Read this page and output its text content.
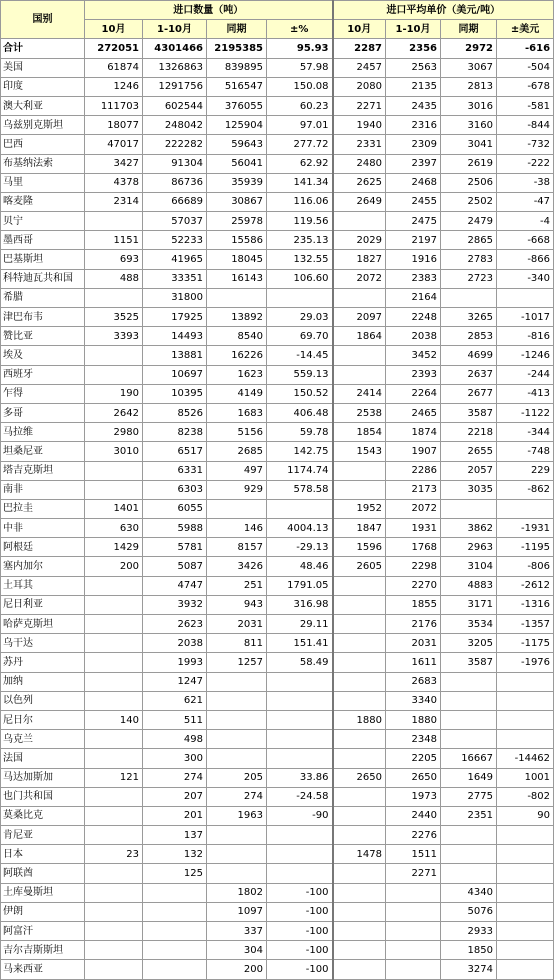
国别	进口数量（吨）				进口平均单价（美元/吨）			
	10月	1-10月	同期	±%	10月	1-10月	同期	±美元
合计	272051	4301466	2195385	95.93	2287	2356	2972	-616
美国	61874	1326863	839895	57.98	2457	2563	3067	-504
印度	1246	1291756	516547	150.08	2080	2135	2813	-678
澳大利亚	111703	602544	376055	60.23	2271	2435	3016	-581
乌兹别克斯坦	18077	248042	125904	97.01	1940	2316	3160	-844
巴西	47017	222282	59643	277.72	2331	2309	3041	-732
布基纳法索	3427	91304	56041	62.92	2480	2397	2619	-222
马里	4378	86736	35939	141.34	2625	2468	2506	-38
喀麦隆	2314	66689	30867	116.06	2649	2455	2502	-47
贝宁		57037	25978	119.56		2475	2479	-4
墨西哥	1151	52233	15586	235.13	2029	2197	2865	-668
巴基斯坦	693	41965	18045	132.55	1827	1916	2783	-866
科特迪瓦共和国	488	33351	16143	106.60	2072	2383	2723	-340
希腊		31800				2164		
津巴布韦	3525	17925	13892	29.03	2097	2248	3265	-1017
赞比亚	3393	14493	8540	69.70	1864	2038	2853	-816
埃及		13881	16226	-14.45		3452	4699	-1246
西班牙		10697	1623	559.13		2393	2637	-244
乍得	190	10395	4149	150.52	2414	2264	2677	-413
多哥	2642	8526	1683	406.48	2538	2465	3587	-1122
马拉维	2980	8238	5156	59.78	1854	1874	2218	-344
坦桑尼亚	3010	6517	2685	142.75	1543	1907	2655	-748
塔吉克斯坦		6331	497	1174.74		2286	2057	229
南非		6303	929	578.58		2173	3035	-862
巴拉圭	1401	6055			1952	2072		
中非	630	5988	146	4004.13	1847	1931	3862	-1931
阿根廷	1429	5781	8157	-29.13	1596	1768	2963	-1195
塞内加尔	200	5087	3426	48.46	2605	2298	3104	-806
土耳其		4747	251	1791.05		2270	4883	-2612
尼日利亚		3932	943	316.98		1855	3171	-1316
哈萨克斯坦		2623	2031	29.11		2176	3534	-1357
乌干达		2038	811	151.41		2031	3205	-1175
苏丹		1993	1257	58.49		1611	3587	-1976
加纳		1247				2683		
以色列		621				3340		
尼日尔	140	511			1880	1880		
乌克兰		498				2348		
法国		300				2205	16667	-14462
马达加斯加	121	274	205	33.86	2650	2650	1649	1001
也门共和国		207	274	-24.58		1973	2775	-802
莫桑比克		201	1963	-90		2440	2351	90
肯尼亚		137				2276		
日本	23	132			1478	1511		
阿联酋		125				2271		
土库曼斯坦			1802	-100			4340	
伊朗			1097	-100			5076	
阿富汗			337	-100			2933	
吉尔吉斯斯坦			304	-100			1850	
马来西亚			200	-100			3274	
